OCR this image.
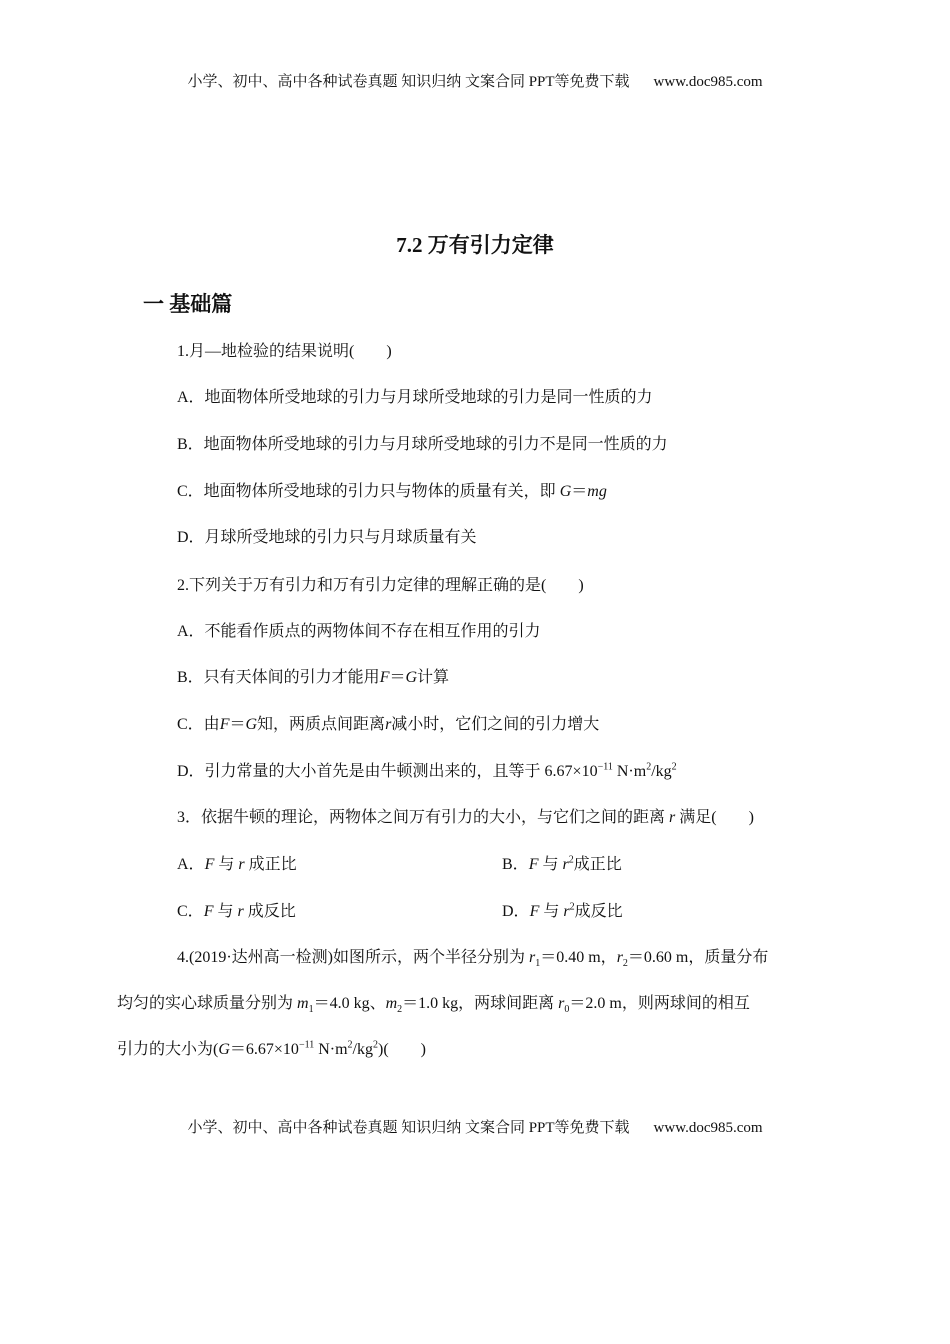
小学、初中、高中各种试卷真题 知识归纳 文案合同 PPT等免费下载 www.doc985.com
7.2 万有引力定律
一 基础篇
1.月—地检验的结果说明(　　)
A．地面物体所受地球的引力与月球所受地球的引力是同一性质的力
B．地面物体所受地球的引力与月球所受地球的引力不是同一性质的力
C．地面物体所受地球的引力只与物体的质量有关，即 G＝mg
D．月球所受地球的引力只与月球质量有关
2.下列关于万有引力和万有引力定律的理解正确的是(　　)
A．不能看作质点的两物体间不存在相互作用的引力
B．只有天体间的引力才能用F＝G计算
C．由F＝G知，两质点间距离r减小时，它们之间的引力增大
D．引力常量的大小首先是由牛顿测出来的，且等于 $6.67\times 10^{-11}$ $N\cdot m^2/kg^2$
3．依据牛顿的理论，两物体之间万有引力的大小，与它们之间的距离 r 满足(　　)
A．F 与 r 成正比	B．F 与 $r^2$成正比
C．F 与 r 成反比	D．F 与 $r^2$成反比
4.(2019·达州高一检测)如图所示，两个半径分别为 $r_1=0.40$ m，$r_2=0.60$ m，质量分布
均匀的实心球质量分别为 $m_1=4.0$ kg、$m_2=1.0$ kg，两球间距离 $r_0=2.0$ m，则两球间的相互
引力的大小为($G=6.67\times 10^{-11}$ $N\cdot m^2/kg^2$)(　　)
小学、初中、高中各种试卷真题 知识归纳 文案合同 PPT等免费下载 www.doc985.com
